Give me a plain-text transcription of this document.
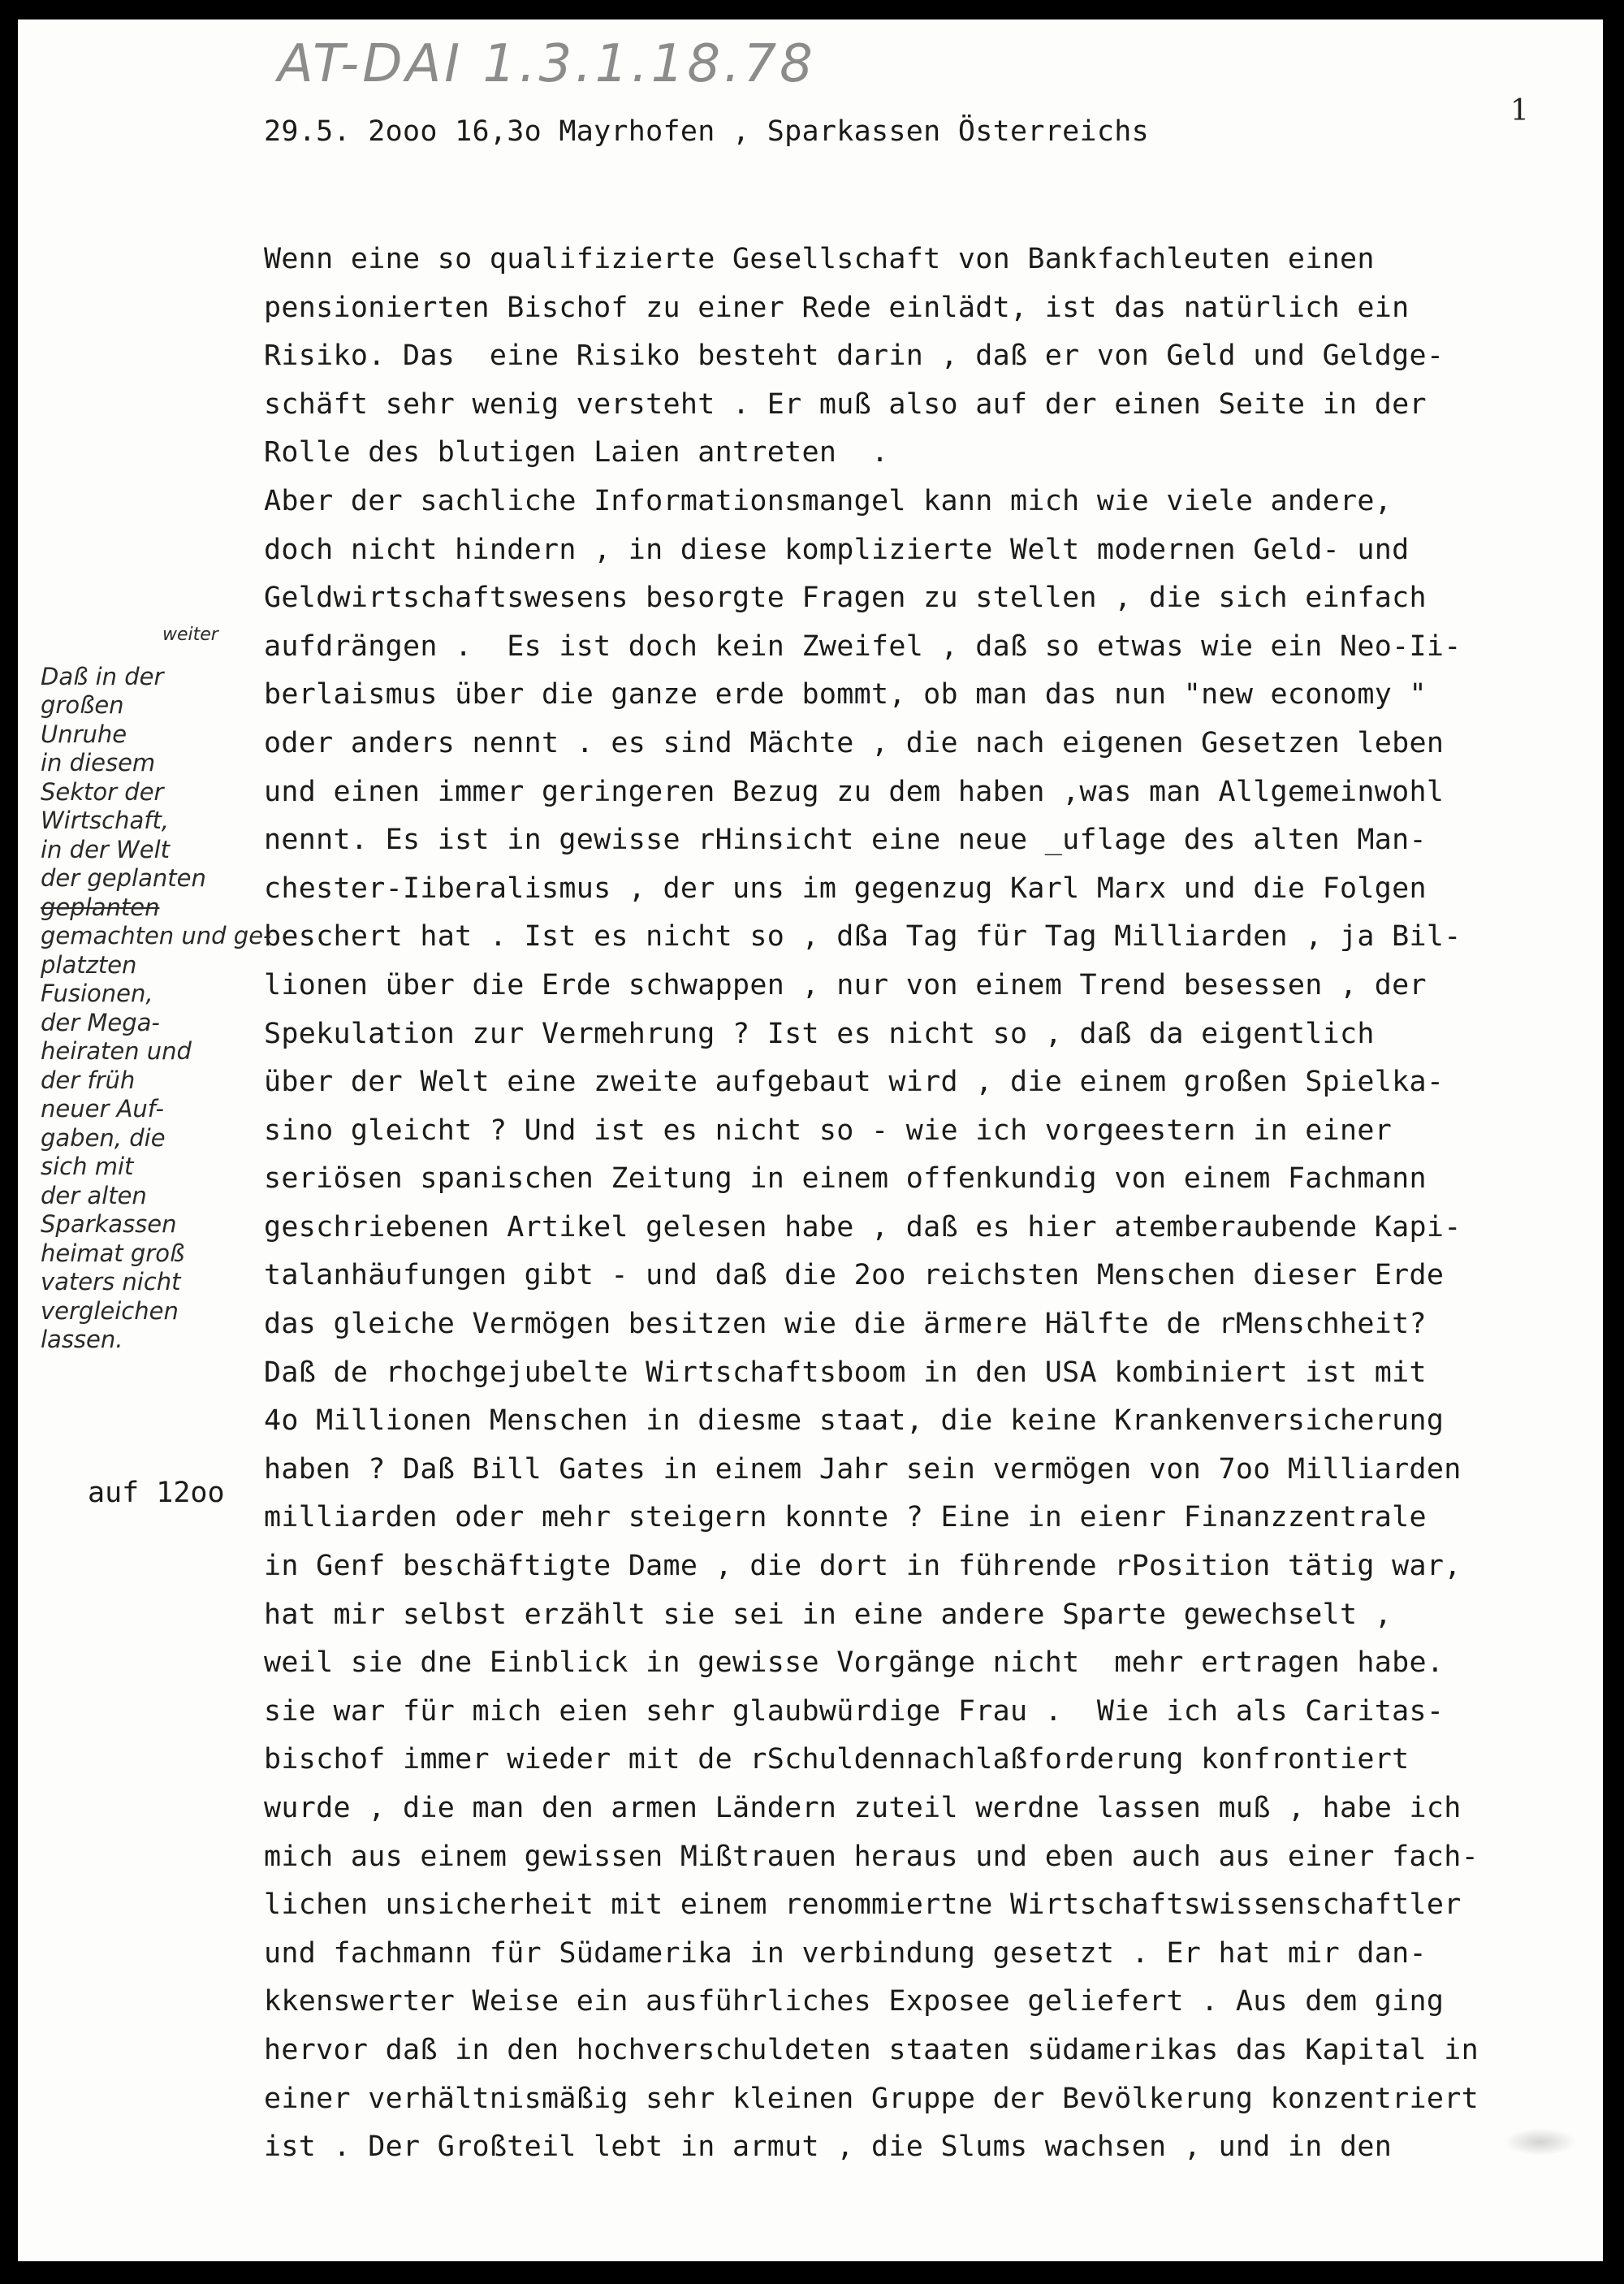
AT-DAI 1.3.1.18.78
1
29.5. 2ooo 16,3o Mayrhofen , Sparkassen Österreichs
Wenn eine so qualifizierte Gesellschaft von Bankfachleuten einen
pensionierten Bischof zu einer Rede einlädt, ist das natürlich ein
Risiko. Das  eine Risiko besteht darin , daß er von Geld und Geldge-
schäft sehr wenig versteht . Er muß also auf der einen Seite in der
Rolle des blutigen Laien antreten  .
Aber der sachliche Informationsmangel kann mich wie viele andere,
doch nicht hindern , in diese komplizierte Welt modernen Geld- und
Geldwirtschaftswesens besorgte Fragen zu stellen , die sich einfach
aufdrängen .  Es ist doch kein Zweifel , daß so etwas wie ein Neo-Ii-
berlaismus über die ganze erde bommt, ob man das nun "new economy "
oder anders nennt . es sind Mächte , die nach eigenen Gesetzen leben
und einen immer geringeren Bezug zu dem haben ,was man Allgemeinwohl
nennt. Es ist in gewisse rHinsicht eine neue _uflage des alten Man-
chester-Iiberalismus , der uns im gegenzug Karl Marx und die Folgen
beschert hat . Ist es nicht so , dßa Tag für Tag Milliarden , ja Bil-
lionen über die Erde schwappen , nur von einem Trend besessen , der
Spekulation zur Vermehrung ? Ist es nicht so , daß da eigentlich
über der Welt eine zweite aufgebaut wird , die einem großen Spielka-
sino gleicht ? Und ist es nicht so - wie ich vorgeestern in einer
seriösen spanischen Zeitung in einem offenkundig von einem Fachmann
geschriebenen Artikel gelesen habe , daß es hier atemberaubende Kapi-
talanhäufungen gibt - und daß die 2oo reichsten Menschen dieser Erde
das gleiche Vermögen besitzen wie die ärmere Hälfte de rMenschheit?
Daß de rhochgejubelte Wirtschaftsboom in den USA kombiniert ist mit
4o Millionen Menschen in diesme staat, die keine Krankenversicherung
haben ? Daß Bill Gates in einem Jahr sein vermögen von 7oo Milliarden
milliarden oder mehr steigern konnte ? Eine in eienr Finanzzentrale
in Genf beschäftigte Dame , die dort in führende rPosition tätig war,
hat mir selbst erzählt sie sei in eine andere Sparte gewechselt ,
weil sie dne Einblick in gewisse Vorgänge nicht  mehr ertragen habe.
sie war für mich eien sehr glaubwürdige Frau .  Wie ich als Caritas-
bischof immer wieder mit de rSchuldennachlaßforderung konfrontiert
wurde , die man den armen Ländern zuteil werdne lassen muß , habe ich
mich aus einem gewissen Mißtrauen heraus und eben auch aus einer fach-
lichen unsicherheit mit einem renommiertne Wirtschaftswissenschaftler
und fachmann für Südamerika in verbindung gesetzt . Er hat mir dan-
kkenswerter Weise ein ausführliches Exposee geliefert . Aus dem ging
hervor daß in den hochverschuldeten staaten südamerikas das Kapital in
einer verhältnismäßig sehr kleinen Gruppe der Bevölkerung konzentriert
ist . Der Großteil lebt in armut , die Slums wachsen , und in den
auf 12oo
weiter
Daß in der
großen
Unruhe
in diesem
Sektor der
Wirtschaft,
in der Welt
der geplanten
geplanten
gemachten und ge-
platzten
Fusionen,
der Mega-
heiraten und
der früh
neuer Auf-
gaben, die
sich mit
der alten
Sparkassen
heimat groß
vaters nicht
vergleichen
lassen.
